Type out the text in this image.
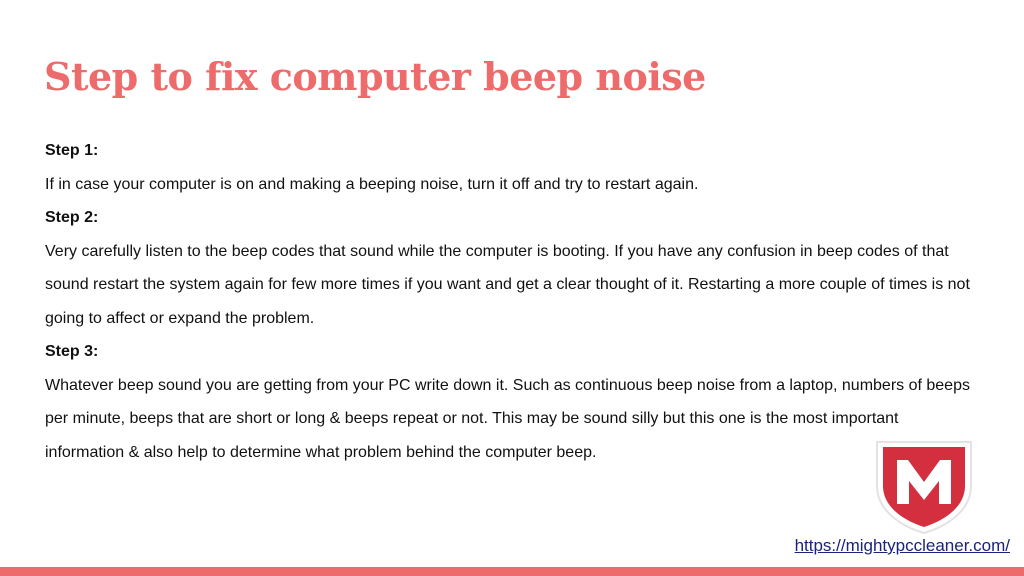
Step to fix computer beep noise
Step 1:
If in case your computer is on and making a beeping noise, turn it off and try to restart again.
Step 2:
Very carefully listen to the beep codes that sound while the computer is booting. If you have any confusion in beep codes of that sound restart the system again for few more times if you want and get a clear thought of it. Restarting a more couple of times is not going to affect or expand the problem.
Step 3:
Whatever beep sound you are getting from your PC write down it. Such as continuous beep noise from a laptop, numbers of beeps per minute, beeps that are short or long & beeps repeat or not. This may be sound silly but this one is the most important information & also help to determine what problem behind the computer beep.
https://mightypccleaner.com/
